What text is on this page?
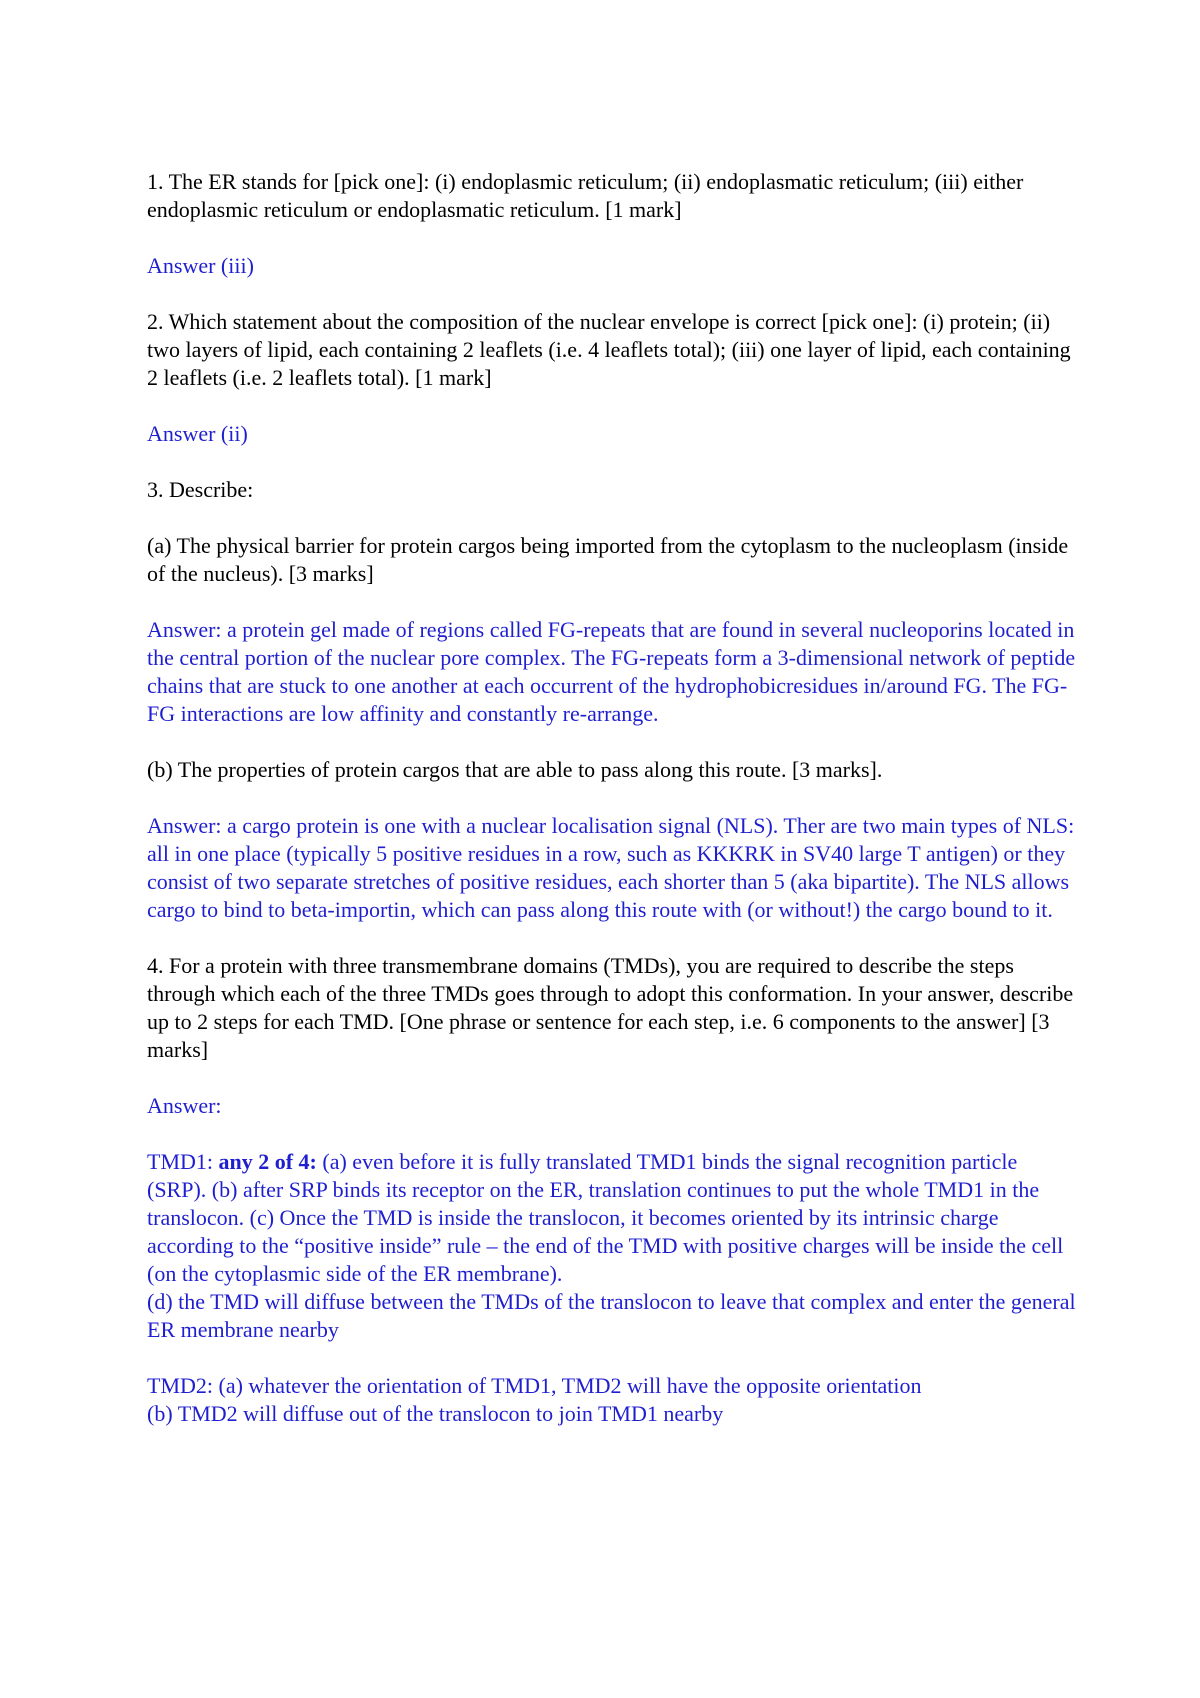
1. The ER stands for [pick one]: (i) endoplasmic reticulum; (ii) endoplasmatic reticulum; (iii) either endoplasmic reticulum or endoplasmatic reticulum. [1 mark]

Answer (iii)

2. Which statement about the composition of the nuclear envelope is correct [pick one]: (i) protein; (ii) two layers of lipid, each containing 2 leaflets (i.e. 4 leaflets total); (iii) one layer of lipid, each containing 2 leaflets (i.e. 2 leaflets total). [1 mark]

Answer (ii)

3. Describe:

(a) The physical barrier for protein cargos being imported from the cytoplasm to the nucleoplasm (inside of the nucleus). [3 marks]

Answer: a protein gel made of regions called FG-repeats that are found in several nucleoporins located in the central portion of the nuclear pore complex. The FG-repeats form a 3-dimensional network of peptide chains that are stuck to one another at each occurrent of the hydrophobicresidues in/around FG. The FG-FG interactions are low affinity and constantly re-arrange.

(b) The properties of protein cargos that are able to pass along this route. [3 marks].

Answer: a cargo protein is one with a nuclear localisation signal (NLS). Ther are two main types of NLS: all in one place (typically 5 positive residues in a row, such as KKKRK in SV40 large T antigen) or they consist of two separate stretches of positive residues, each shorter than 5 (aka bipartite). The NLS allows cargo to bind to beta-importin, which can pass along this route with (or without!) the cargo bound to it.

4. For a protein with three transmembrane domains (TMDs), you are required to describe the steps through which each of the three TMDs goes through to adopt this conformation. In your answer, describe up to 2 steps for each TMD. [One phrase or sentence for each step, i.e. 6 components to the answer] [3 marks]

Answer:

TMD1: any 2 of 4: (a) even before it is fully translated TMD1 binds the signal recognition particle (SRP). (b) after SRP binds its receptor on the ER, translation continues to put the whole TMD1 in the translocon. (c) Once the TMD is inside the translocon, it becomes oriented by its intrinsic charge according to the “positive inside” rule – the end of the TMD with positive charges will be inside the cell (on the cytoplasmic side of the ER membrane).

(d) the TMD will diffuse between the TMDs of the translocon to leave that complex and enter the general ER membrane nearby

TMD2: (a) whatever the orientation of TMD1, TMD2 will have the opposite orientation

(b) TMD2 will diffuse out of the translocon to join TMD1 nearby
